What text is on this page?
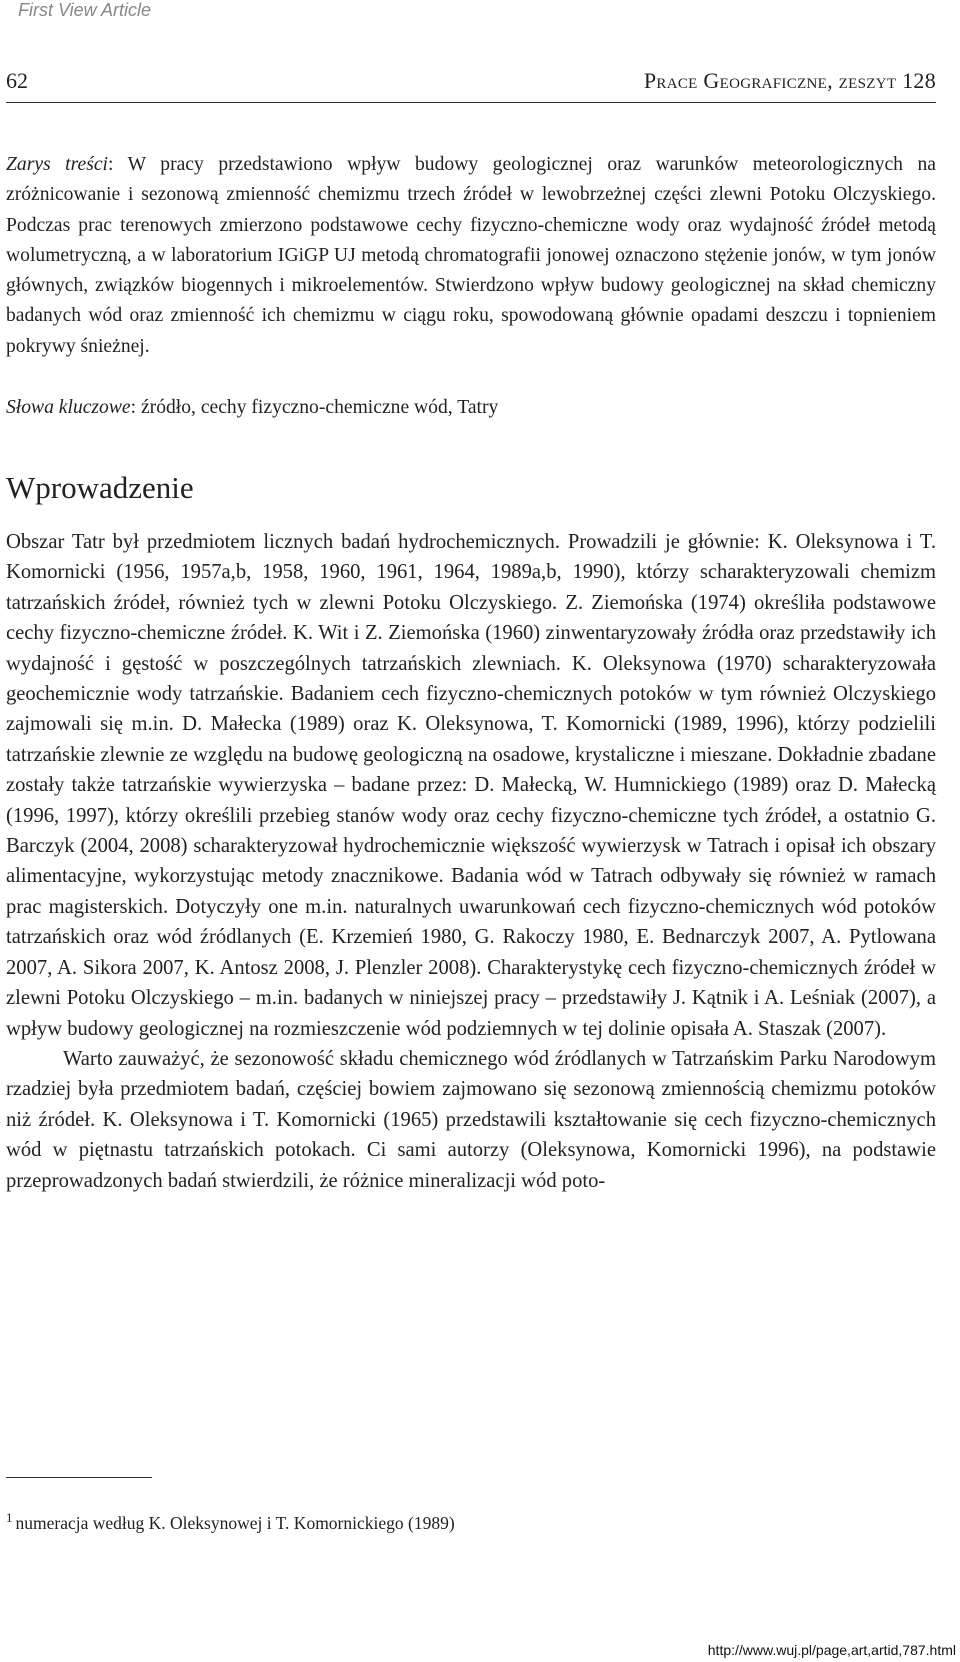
First View Article
62	Prace Geograficzne, zeszyt 128

Zarys treści: W pracy przedstawiono wpływ budowy geologicznej oraz warunków meteorologicznych na zróżnicowanie i sezonową zmienność chemizmu trzech źródeł w lewobrzeżnej części zlewni Potoku Olczyskiego. Podczas prac terenowych zmierzono podstawowe cechy fizyczno-chemiczne wody oraz wydajność źródeł metodą wolumetryczną, a w laboratorium IGiGP UJ metodą chromatografii jonowej oznaczono stężenie jonów, w tym jonów głównych, związków biogennych i mikroelementów. Stwierdzono wpływ budowy geologicznej na skład chemiczny badanych wód oraz zmienność ich chemizmu w ciągu roku, spowodowaną głównie opadami deszczu i topnieniem pokrywy śnieżnej.

Słowa kluczowe: źródło, cechy fizyczno-chemiczne wód, Tatry

Wprowadzenie

Obszar Tatr był przedmiotem licznych badań hydrochemicznych. Prowadzili je głównie: K. Oleksynowa i T. Komornicki (1956, 1957a,b, 1958, 1960, 1961, 1964, 1989a,b, 1990), którzy scharakteryzowali chemizm tatrzańskich źródeł, również tych w zlewni Potoku Olczyskiego. Z. Ziemońska (1974) określiła podstawowe cechy fizyczno-chemiczne źródeł. K. Wit i Z. Ziemońska (1960) zinwentaryzowały źródła oraz przedstawiły ich wydajność i gęstość w poszczególnych tatrzańskich zlewniach. K. Oleksynowa (1970) scharakteryzowała geochemicznie wody tatrzańskie. Badaniem cech fizyczno-chemicznych potoków w tym również Olczyskiego zajmowali się m.in. D. Małecka (1989) oraz K. Oleksynowa, T. Komornicki (1989, 1996), którzy podzielili tatrzańskie zlewnie ze względu na budowę geologiczną na osadowe, krystaliczne i mieszane. Dokładnie zbadane zostały także tatrzańskie wywierzyska – badane przez: D. Małecką, W. Humnickiego (1989) oraz D. Małecką (1996, 1997), którzy określili przebieg stanów wody oraz cechy fizyczno-chemiczne tych źródeł, a ostatnio G. Barczyk (2004, 2008) scharakteryzował hydrochemicznie większość wywierzysk w Tatrach i opisał ich obszary alimentacyjne, wykorzystując metody znacznikowe. Badania wód w Tatrach odbywały się również w ramach prac magisterskich. Dotyczyły one m.in. naturalnych uwarunkowań cech fizyczno-chemicznych wód potoków tatrzańskich oraz wód źródlanych (E. Krzemień 1980, G. Rakoczy 1980, E. Bednarczyk 2007, A. Pytlowana 2007, A. Sikora 2007, K. Antosz 2008, J. Plenzler 2008). Charakterystykę cech fizyczno-chemicznych źródeł w zlewni Potoku Olczyskiego – m.in. badanych w niniejszej pracy – przedstawiły J. Kątnik i A. Leśniak (2007), a wpływ budowy geologicznej na rozmieszczenie wód podziemnych w tej dolinie opisała A. Staszak (2007).

Warto zauważyć, że sezonowość składu chemicznego wód źródlanych w Tatrzańskim Parku Narodowym rzadziej była przedmiotem badań, częściej bowiem zajmowano się sezonową zmiennością chemizmu potoków niż źródeł. K. Oleksynowa i T. Komornicki (1965) przedstawili kształtowanie się cech fizyczno-chemicznych wód w piętnastu tatrzańskich potokach. Ci sami autorzy (Oleksynowa, Komornicki 1996), na podstawie przeprowadzonych badań stwierdzili, że różnice mineralizacji wód poto-

$^1$ numeracja według K. Oleksynowej i T. Komornickiego (1989)

http://www.wuj.pl/page,art,artid,787.html
